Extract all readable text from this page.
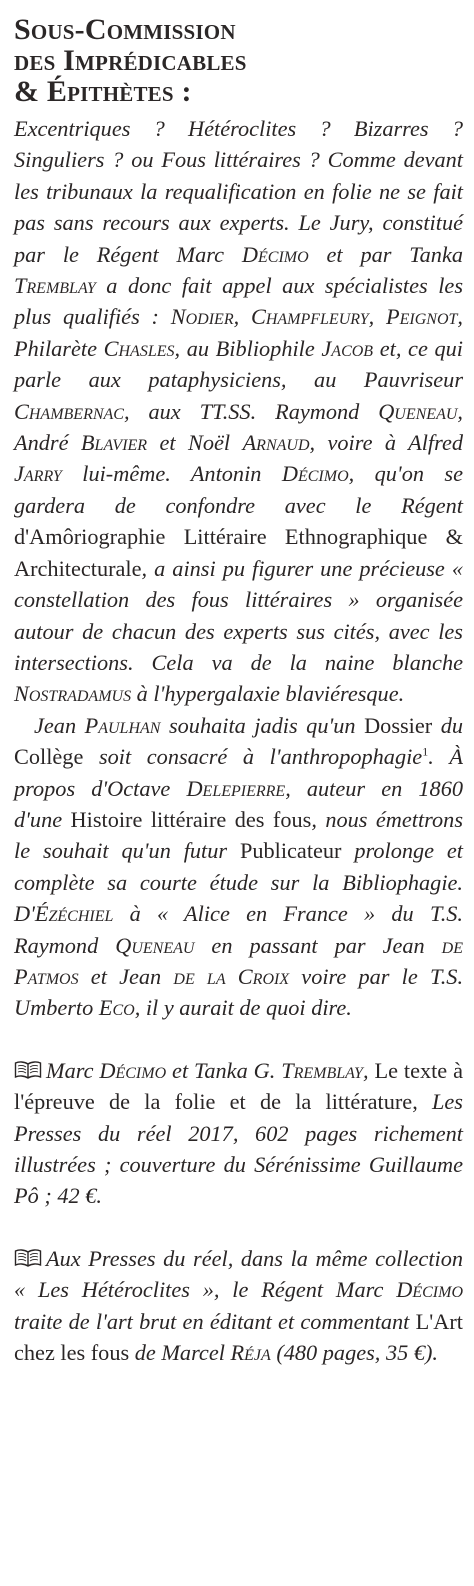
Sous-Commission
des Imprédicables
& Épithètes :

Excentriques ? Hétéroclites ? Bizarres ? Singuliers ? ou Fous littéraires ? Comme devant les tribunaux la requalification en folie ne se fait pas sans recours aux experts. Le Jury, constitué par le Régent Marc Décimo et par Tanka Tremblay a donc fait appel aux spécialistes les plus qualifiés : Nodier, Champfleury, Peignot, Philarète Chasles, au Bibliophile Jacob et, ce qui parle aux pataphysiciens, au Pauvriseur Chambernac, aux TT.SS. Raymond Queneau, André Blavier et Noël Arnaud, voire à Alfred Jarry lui-même. Antonin Décimo, qu'on se gardera de confondre avec le Régent d'Amôriographie Littéraire Ethnographique & Architecturale, a ainsi pu figurer une précieuse « constellation des fous littéraires » organisée autour de chacun des experts sus cités, avec les intersections. Cela va de la naine blanche Nostradamus à l'hypergalaxie blaviéresque.

Jean Paulhan souhaita jadis qu'un Dossier du Collège soit consacré à l'anthropophagie$^1$. À propos d'Octave Delepierre, auteur en 1860 d'une Histoire littéraire des fous, nous émettrons le souhait qu'un futur Publicateur prolonge et complète sa courte étude sur la Bibliophagie. D'Ézéchiel à « Alice en France » du T.S. Raymond Queneau en passant par Jean de Patmos et Jean de la Croix voire par le T.S. Umberto Eco, il y aurait de quoi dire.

Marc Décimo et Tanka G. Tremblay, Le texte à l'épreuve de la folie et de la littérature, Les Presses du réel 2017, 602 pages richement illustrées ; couverture du Sérénissime Guillaume Pô ; 42 €.

Aux Presses du réel, dans la même collection « Les Hétéroclites », le Régent Marc Décimo traite de l'art brut en éditant et commentant L'Art chez les fous de Marcel Réja (480 pages, 35 €).
